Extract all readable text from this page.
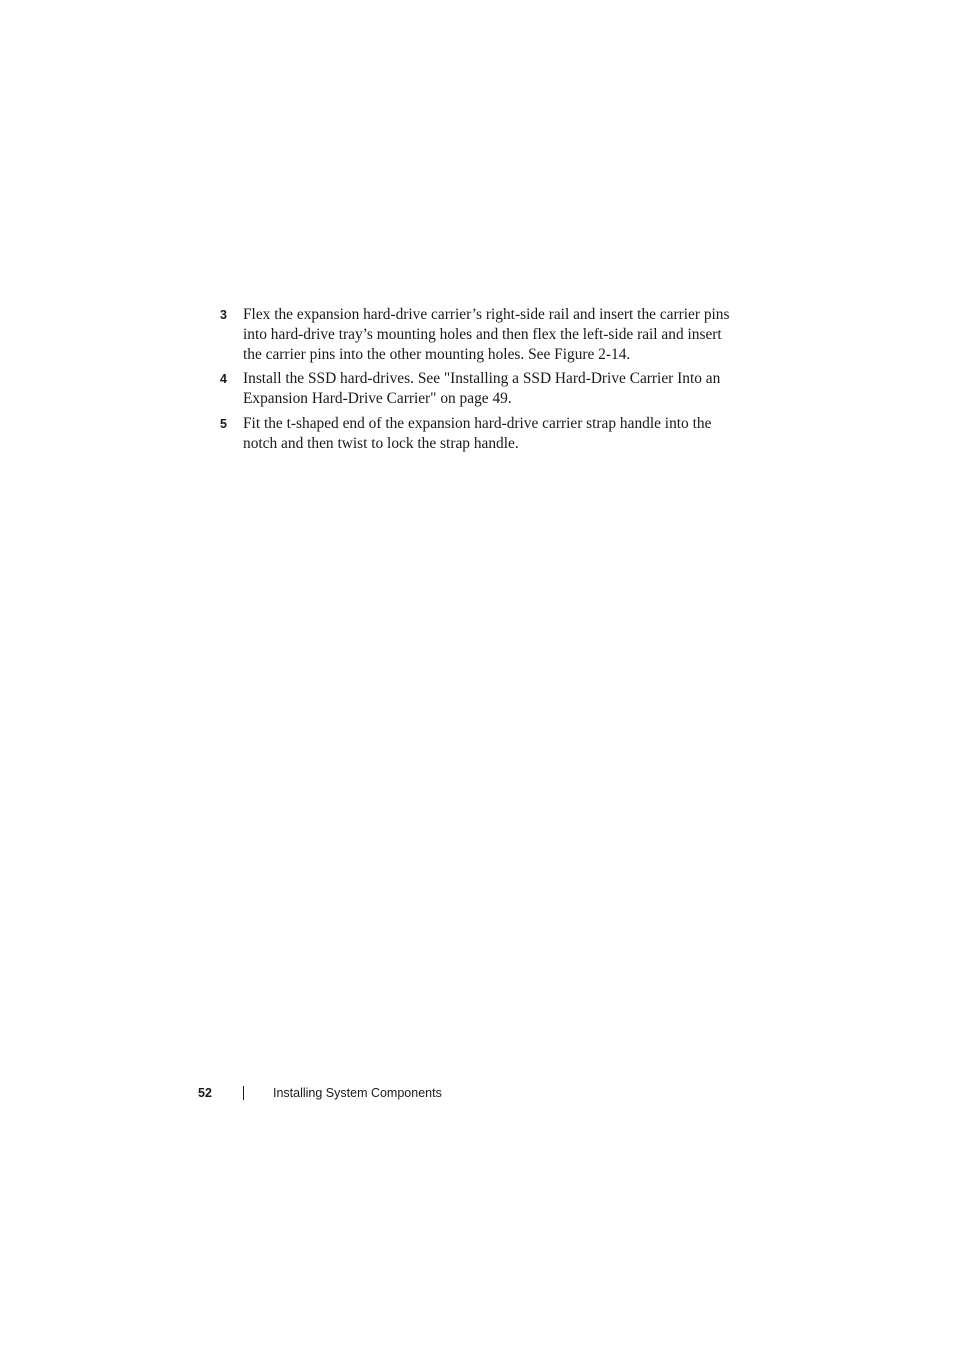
3 Flex the expansion hard-drive carrier’s right-side rail and insert the carrier pins into hard-drive tray’s mounting holes and then flex the left-side rail and insert the carrier pins into the other mounting holes. See Figure 2-14.
4 Install the SSD hard-drives. See "Installing a SSD Hard-Drive Carrier Into an Expansion Hard-Drive Carrier" on page 49.
5 Fit the t-shaped end of the expansion hard-drive carrier strap handle into the notch and then twist to lock the strap handle.
52	Installing System Components
